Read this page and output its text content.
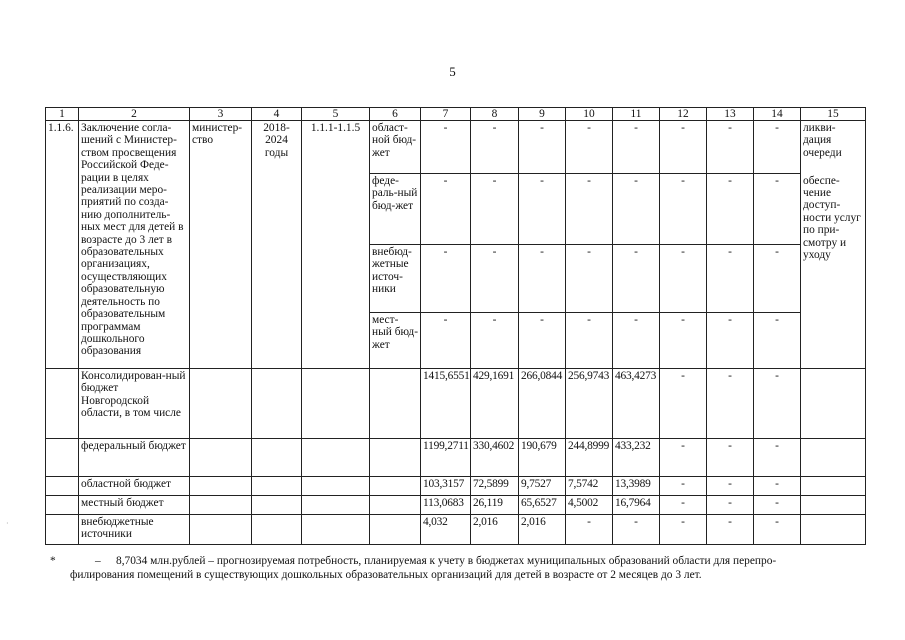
5
1	2	3	4	5	6	7	8	9	10	11	12	13	14	15
1.1.6.	Заключение согла-шений с Министер-ством просвещения Российской Феде-рации в целях реализации меро-приятий по созда-нию дополнитель-ных мест для детей в возрасте до 3 лет в образовательных организациях, осуществляющих образовательную деятельность по образовательным программам дошкольного образования	министер-ство	2018-2024 годы	1.1.1-1.1.5	област-ной бюд-жет	-	-	-	-	-	-	-	-	ликви-дация очереди
					феде-раль-ный бюд-жет	-	-	-	-	-	-	-	-	обеспе-чение доступ-ности услуг по при-смотру и уходу
					внебюд-жетные источ-ники	-	-	-	-	-	-	-	-	
					мест-ный бюд-жет	-	-	-	-	-	-	-	-	
	Консолидирован-ный бюджет Новгородской области, в том числе					1415,6551	429,1691	266,0844	256,9743	463,4273	-	-	-	
	федеральный бюджет					1199,2711	330,4602	190,679	244,8999	433,232	-	-	-	
	областной бюджет					103,3157	72,5899	9,7527	7,5742	13,3989	-	-	-	
	местный бюджет					113,0683	26,119	65,6527	4,5002	16,7964	-	-	-	
	внебюджетные источники					4,032	2,016	2,016	-	-	-	-	-	
*	–	8,7034 млн.рублей – прогнозируемая потребность, планируемая к учету в бюджетах муниципальных образований области для перепро-
филирования помещений в существующих дошкольных образовательных организаций для детей в возрасте от 2 месяцев до 3 лет.
·
